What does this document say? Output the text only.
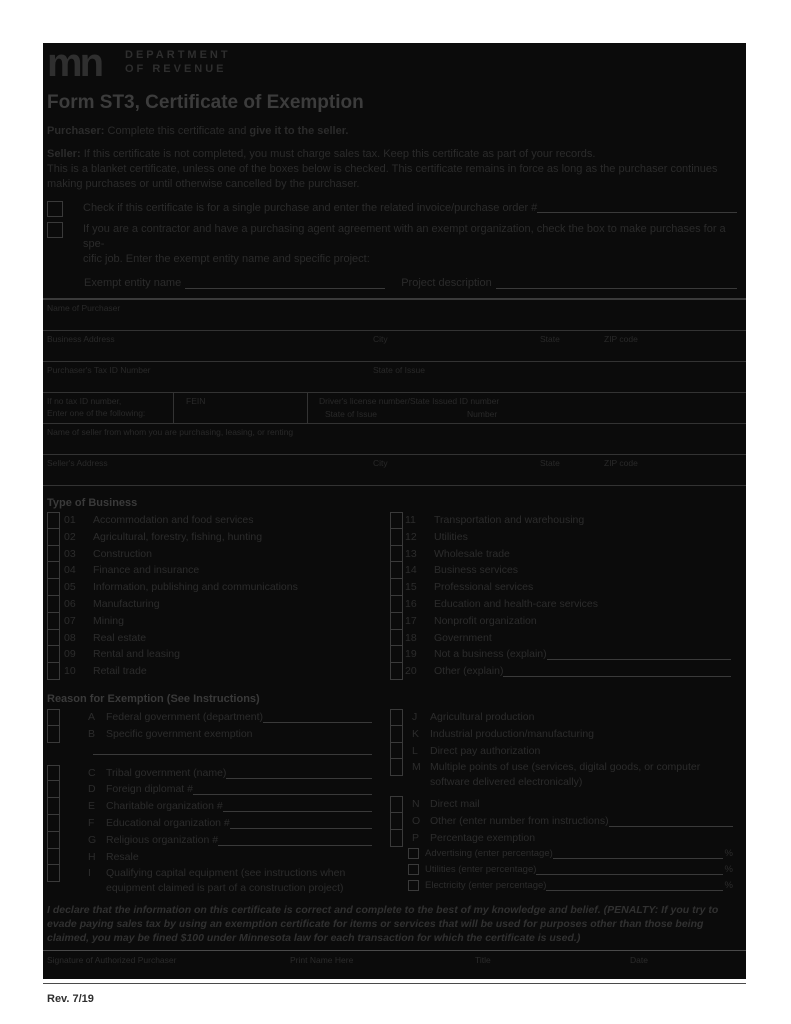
mn	DEPARTMENT
OF REVENUE
Form ST3, Certificate of Exemption
Purchaser: Complete this certificate and give it to the seller.
Seller: If this certificate is not completed, you must charge sales tax. Keep this certificate as part of your records.
This is a blanket certificate, unless one of the boxes below is checked. This certificate remains in force as long as the purchaser continues making purchases or until otherwise cancelled by the purchaser.
Check if this certificate is for a single purchase and enter the related invoice/purchase order #
If you are a contractor and have a purchasing agent agreement with an exempt organization, check the box to make purchases for a spe-
cific job. Enter the exempt entity name and specific project:
Exempt entity name	Project description
Name of Purchaser
Business Address	City	State	ZIP code
Purchaser's Tax ID Number	State of Issue
If no tax ID number,
Enter one of the following:
FEIN	Driver's license number/State Issued ID number
State of Issue	Number
Name of seller from whom you are purchasing, leasing, or renting
Seller's Address	City	State	ZIP code
Type of Business
01	Accommodation and food services
02	Agricultural, forestry, fishing, hunting
03	Construction
04	Finance and insurance
05	Information, publishing and communications
06	Manufacturing
07	Mining
08	Real estate
09	Rental and leasing
10	Retail trade
11	Transportation and warehousing
12	Utilities
13	Wholesale trade
14	Business services
15	Professional services
16	Education and health-care services
17	Nonprofit organization
18	Government
19	Not a business (explain)
20	Other (explain)
Reason for Exemption (See Instructions)
A	Federal government (department)
B	Specific government exemption
C Tribal government (name)
D Foreign diplomat #
E	Charitable organization #
F	Educational organization #
G Religious organization #
H Resale
I	Qualifying capital equipment (see instructions when
equipment claimed is part of a construction project)
J	Agricultural production
K	Industrial production/manufacturing
L	Direct pay authorization
M Multiple points of use (services, digital goods, or computer
software delivered electronically)
N Direct mail
O Other (enter number from instructions)
P	Percentage exemption
Advertising (enter percentage)	%
Utilities (enter percentage)	%
Electricity (enter percentage)	%
I declare that the information on this certificate is correct and complete to the best of my knowledge and belief. (PENALTY: If you try to evade paying sales tax by using an exemption certificate for items or services that will be used for purposes other than those being claimed, you may be fined $100 under Minnesota law for each transaction for which the certificate is used.)
Signature of Authorized Purchaser	Print Name Here	Title	Date
Rev. 7/19
